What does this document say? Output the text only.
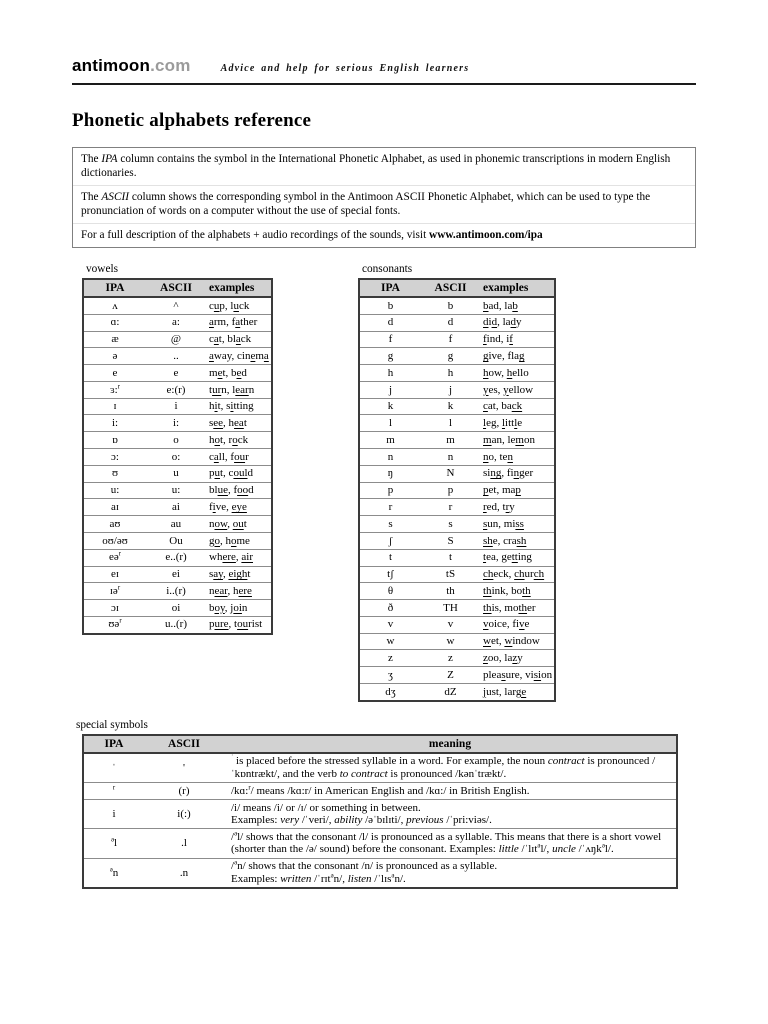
antimoon.com	Advice and help for serious English learners
Phonetic alphabets reference

The IPA column contains the symbol in the International Phonetic Alphabet, as used in phonemic transcriptions in modern English dictionaries.

The ASCII column shows the corresponding symbol in the Antimoon ASCII Phonetic Alphabet, which can be used to type the pronunciation of words on a computer without the use of special fonts.

For a full description of the alphabets + audio recordings of the sounds, visit www.antimoon.com/ipa

vowels
IPA	ASCII	examples
ʌ	^	cup, luck
ɑ:	a:	arm, father
æ	@	cat, black
ə	..	away, cinema
e	e	met, bed
ɜ:$^r$	e:(r)	turn, learn
ɪ	i	hit, sitting
i:	i:	see, heat
ɒ	o	hot, rock
ɔ:	o:	call, four
ʊ	u	put, could
u:	u:	blue, food
aɪ	ai	five, eye
aʊ	au	now, out
oʊ/əʊ	Ou	go, home
eə$^r$	e..(r)	where, air
eɪ	ei	say, eight
ɪə$^r$	i..(r)	near, here
ɔɪ	oi	boy, join
ʊə$^r$	u..(r)	pure, tourist
consonants
IPA	ASCII	examples
b	b	bad, lab
d	d	did, lady
f	f	find, if
g	g	give, flag
h	h	how, hello
j	j	yes, yellow
k	k	cat, back
l	l	leg, little
m	m	man, lemon
n	n	no, ten
ŋ	N	sing, finger
p	p	pet, map
r	r	red, try
s	s	sun, miss
ʃ	S	she, crash
t	t	tea, getting
tʃ	tS	check, church
θ	th	think, both
ð	TH	this, mother
v	v	voice, five
w	w	wet, window
z	z	zoo, lazy
ʒ	Z	pleasure, vision
dʒ	dZ	just, large
special symbols
IPA	ASCII	meaning
ˈ	'	$^ˈ$ is placed before the stressed syllable in a word. For example, the noun contract is pronounced /ˈkɒntrækt/, and the verb to contract is pronounced /kənˈtrækt/.
$^r$	(r)	/kɑ:$^r$/ means /kɑ:r/ in American English and /kɑ:/ in British English.
i	i(:)	/i/ means /i/ or /ɪ/ or something in between.
Examples: very /ˈveri/, ability /əˈbɪlɪti/, previous /ˈpri:viəs/.
$^ə$l	.l	/$^ə$l/ shows that the consonant /l/ is pronounced as a syllable. This means that there is a short vowel (shorter than the /ə/ sound) before the consonant. Examples: little /ˈlɪt$^ə$l/, uncle /ˈʌŋk$^ə$l/.
$^ə$n	.n	/$^ə$n/ shows that the consonant /n/ is pronounced as a syllable.
Examples: written /ˈrɪt$^ə$n/, listen /ˈlɪs$^ə$n/.
